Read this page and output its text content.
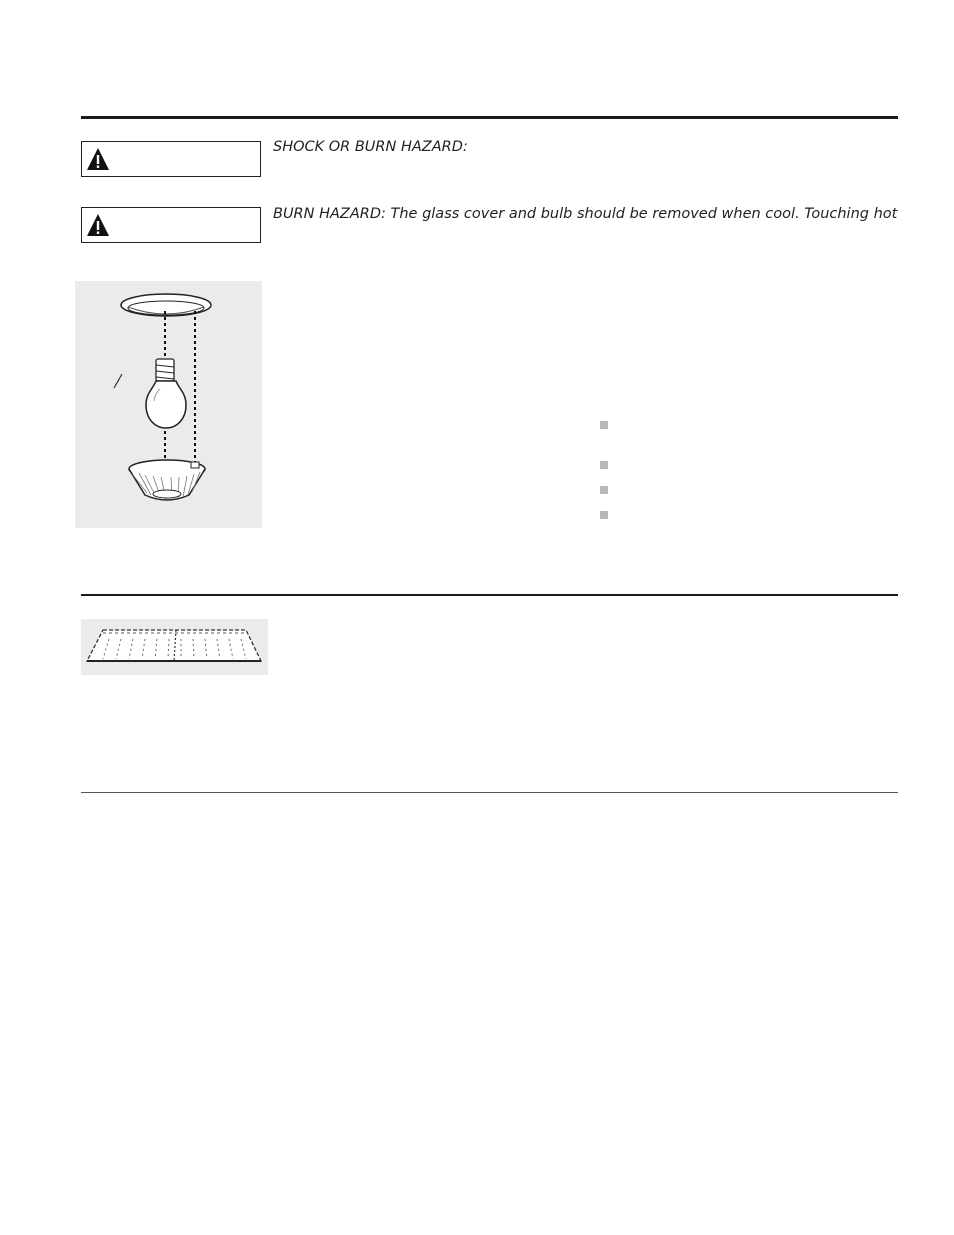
SHOCK OR BURN HAZARD:
BURN HAZARD: The glass cover and bulb should be removed when cool. Touching hot
